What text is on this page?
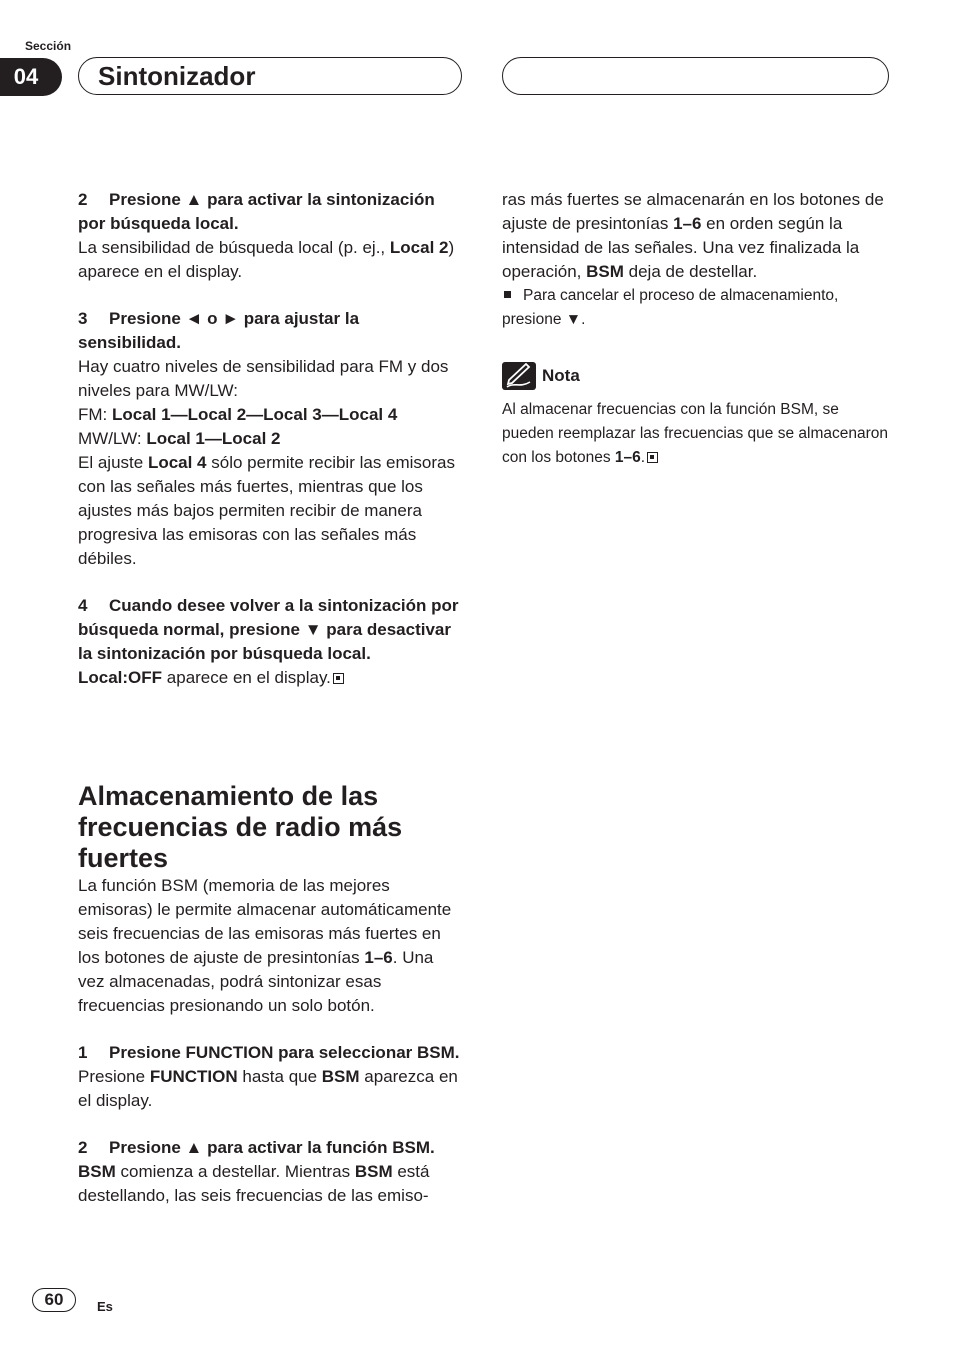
Sección
04	Sintonizador

2 Presione ▲ para activar la sintonización por búsqueda local.

La sensibilidad de búsqueda local (p. ej., Local 2) aparece en el display.

3 Presione ◄ o ► para ajustar la sensibilidad.

Hay cuatro niveles de sensibilidad para FM y dos niveles para MW/LW:

FM: Local 1—Local 2—Local 3—Local 4

MW/LW: Local 1—Local 2

El ajuste Local 4 sólo permite recibir las emisoras con las señales más fuertes, mientras que los ajustes más bajos permiten recibir de manera progresiva las emisoras con las señales más débiles.

4 Cuando desee volver a la sintonización por búsqueda normal, presione ▼ para desactivar la sintonización por búsqueda local.

Local:OFF aparece en el display.

Almacenamiento de las frecuencias de radio más fuertes

La función BSM (memoria de las mejores emisoras) le permite almacenar automáticamente seis frecuencias de las emisoras más fuertes en los botones de ajuste de presintonías 1–6. Una vez almacenadas, podrá sintonizar esas frecuencias presionando un solo botón.

1 Presione FUNCTION para seleccionar BSM.

Presione FUNCTION hasta que BSM aparezca en el display.

2 Presione ▲ para activar la función BSM.

BSM comienza a destellar. Mientras BSM está destellando, las seis frecuencias de las emiso-

ras más fuertes se almacenarán en los botones de ajuste de presintonías 1–6 en orden según la intensidad de las señales. Una vez finalizada la operación, BSM deja de destellar.

Para cancelar el proceso de almacenamiento, presione ▼.

Nota

Al almacenar frecuencias con la función BSM, se pueden reemplazar las frecuencias que se almacenaron con los botones 1–6.

60	Es
